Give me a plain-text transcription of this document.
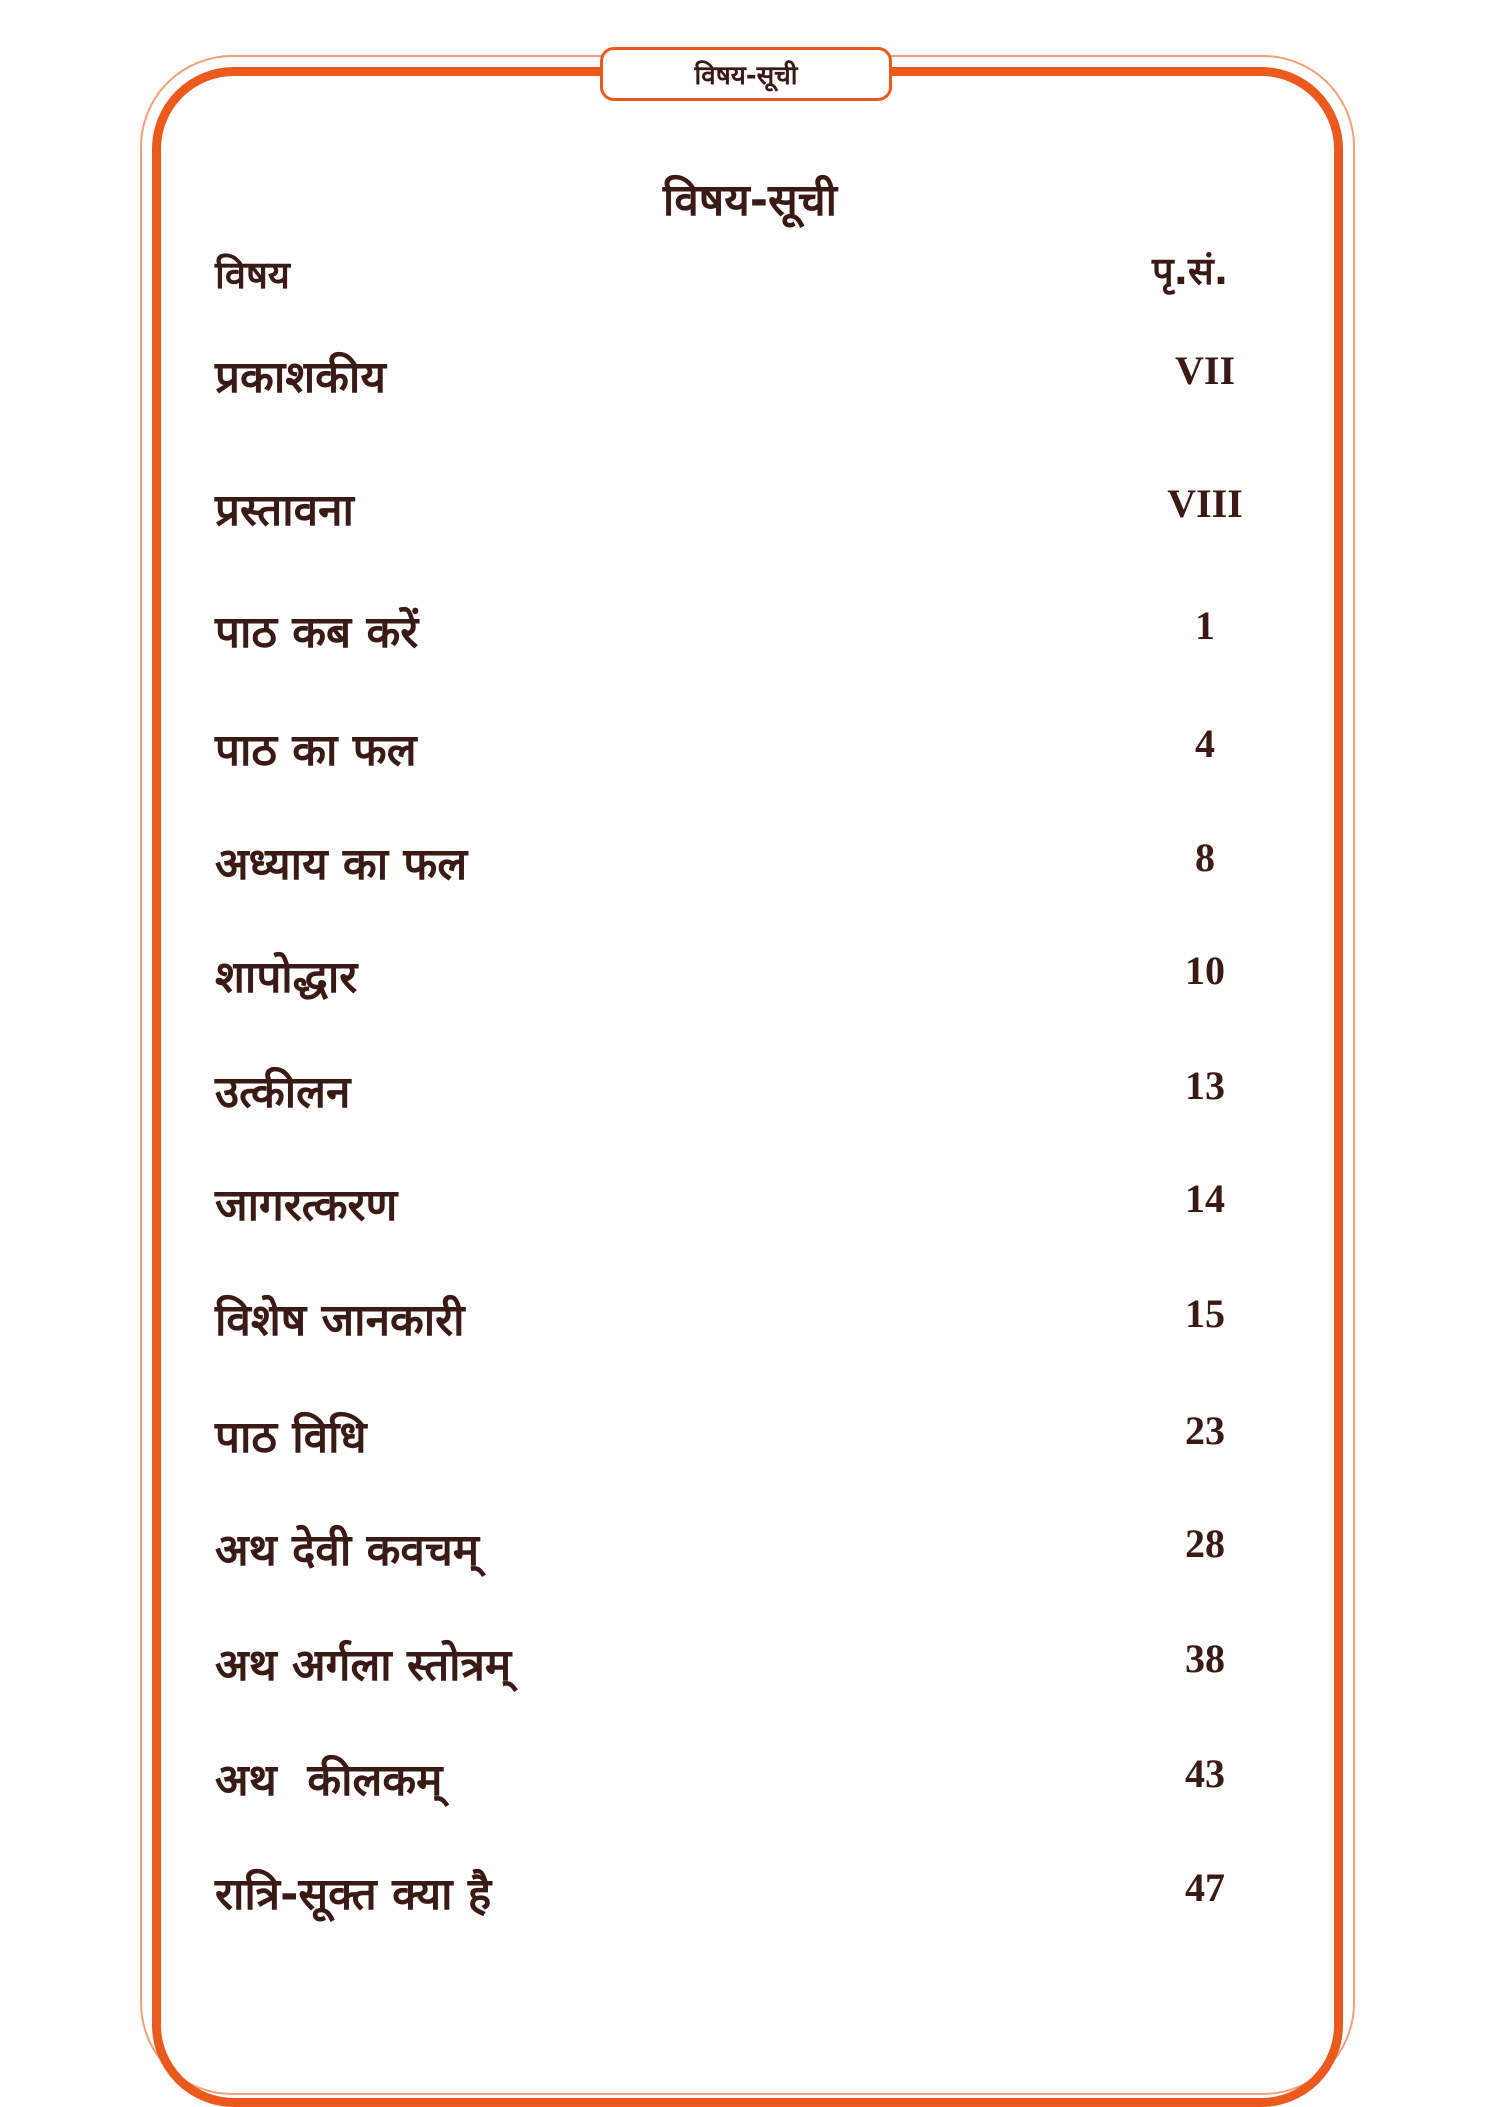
विषय-सूची
विषय-सूची
विषय	पृ.सं.
प्रकाशकीय	VII
प्रस्तावना	VIII
पाठ कब करें	1
पाठ का फल	4
अध्याय का फल	8
शापोद्धार	10
उत्कीलन	13
जागरत्करण	14
विशेष जानकारी	15
पाठ विधि	23
अथ देवी कवचम्	28
अथ अर्गला स्तोत्रम्	38
अथ  कीलकम्	43
रात्रि-सूक्त क्या है	47
